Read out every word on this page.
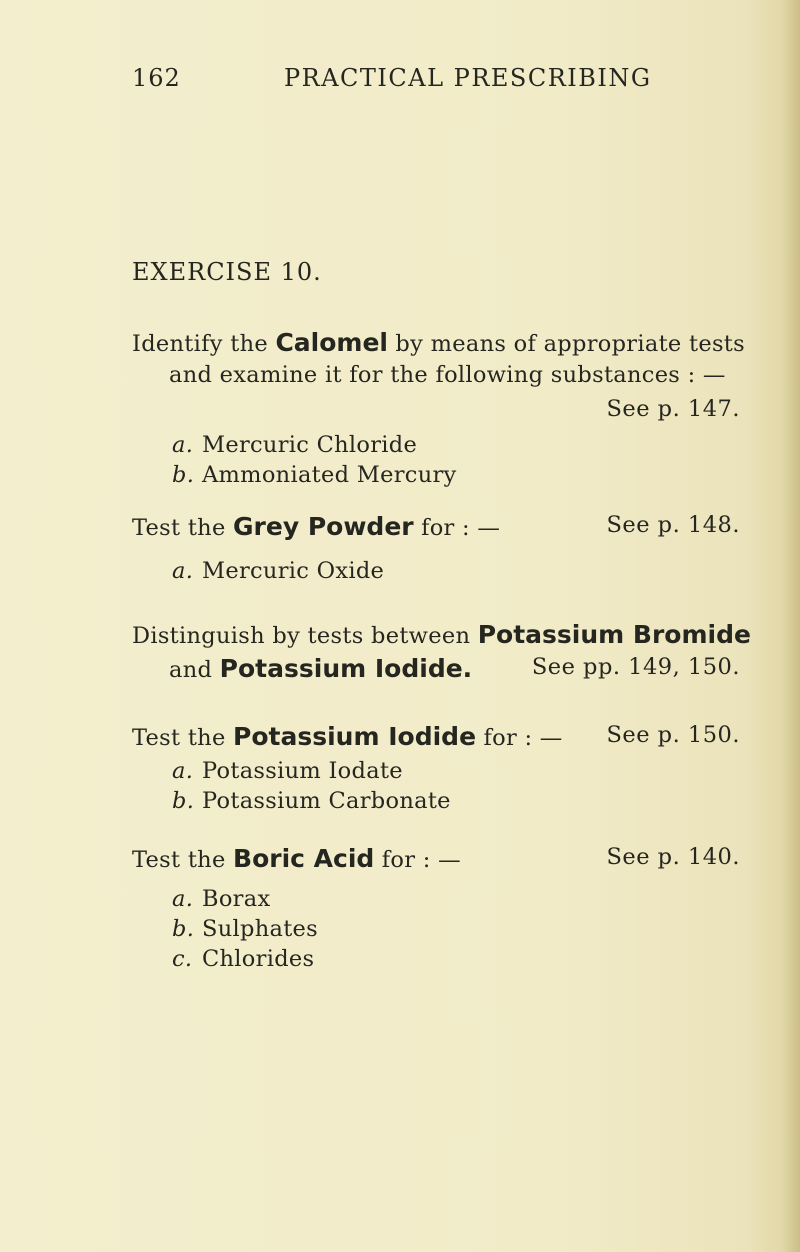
162	PRACTICAL PRESCRIBING
EXERCISE 10.
Identify the Calomel by means of appropriate tests
and examine it for the following substances : —
See p. 147.
a. Mercuric Chloride
b. Ammoniated Mercury
Test the Grey Powder for : —	See p. 148.
a. Mercuric Oxide
Distinguish by tests between Potassium Bromide
and Potassium Iodide.	See pp. 149, 150.
Test the Potassium Iodide for : — See p. 150.
a. Potassium Iodate
b. Potassium Carbonate
Test the Boric Acid for : —	See p. 140.
a. Borax
b. Sulphates
c. Chlorides
